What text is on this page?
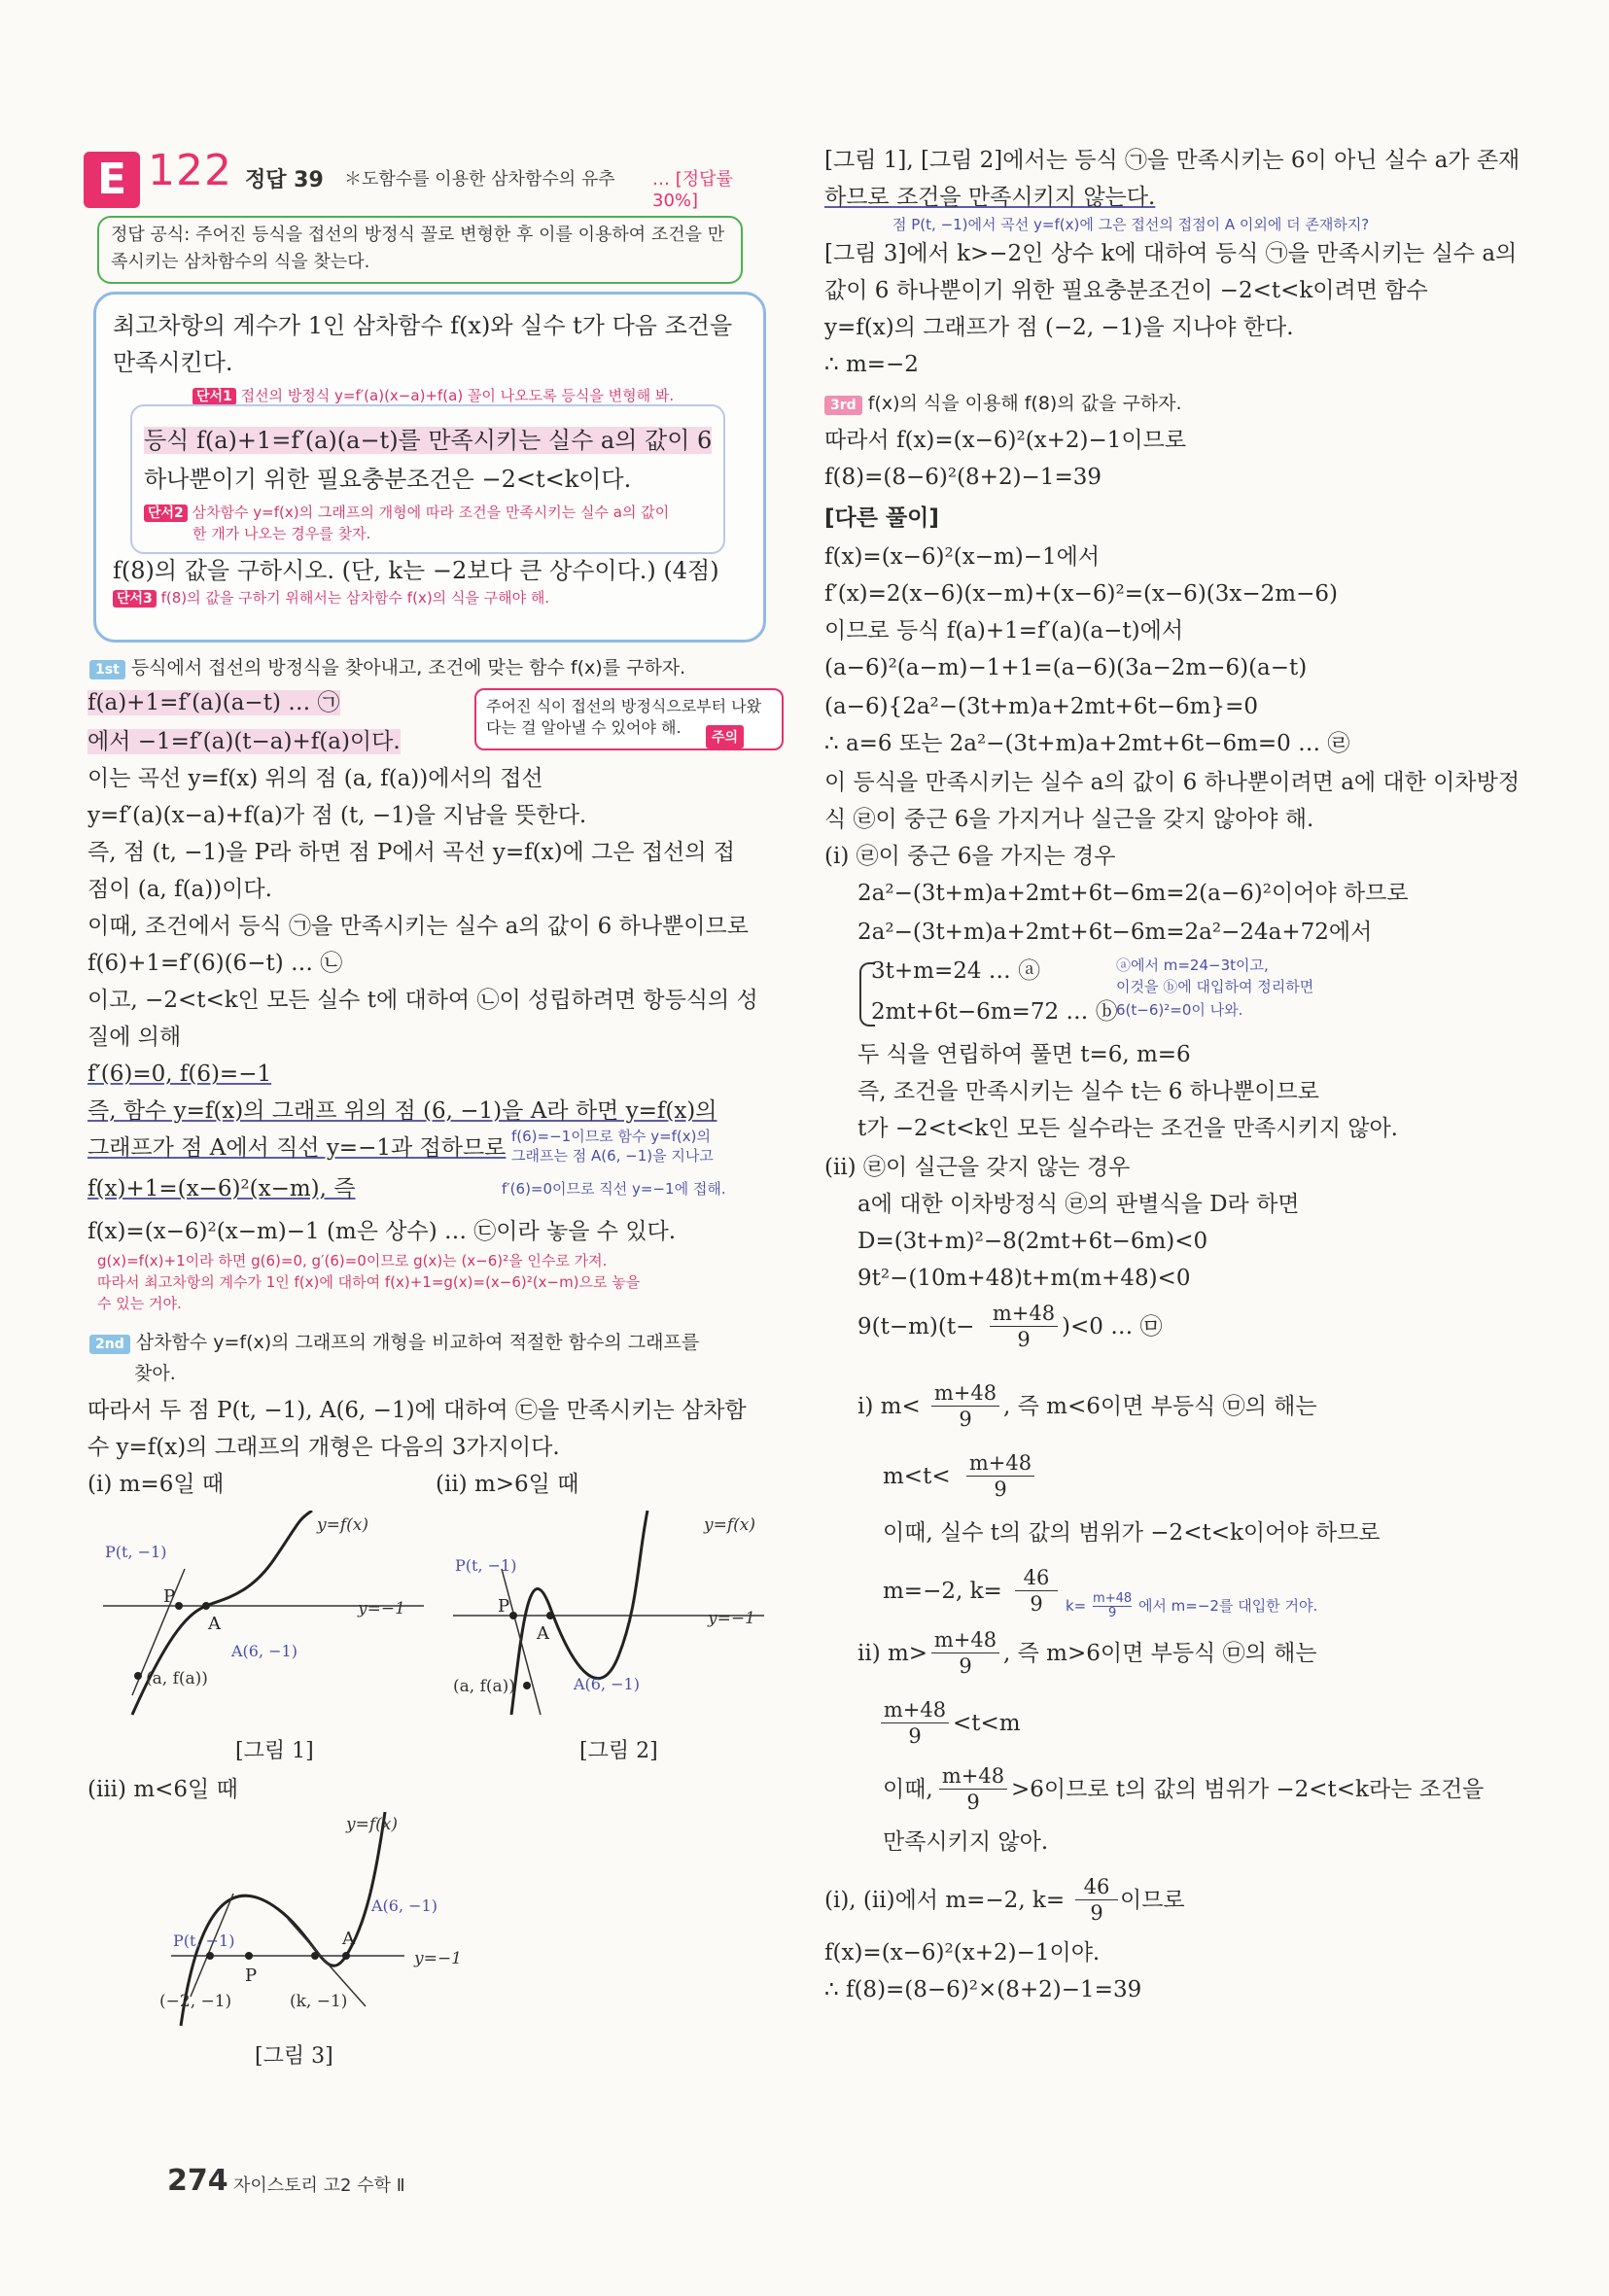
E 122 정답 39 ＊도함수를 이용한 삼차함수의 유추 … [정답률 30%]
정답 공식: 주어진 등식을 접선의 방정식 꼴로 변형한 후 이를 이용하여 조건을 만족시키는 삼차함수의 식을 찾는다.
최고차항의 계수가 1인 삼차함수 f(x)와 실수 t가 다음 조건을
만족시킨다.
단서1 접선의 방정식 y=f′(a)(x−a)+f(a) 꼴이 나오도록 등식을 변형해 봐.
등식 f(a)+1=f′(a)(a−t)를 만족시키는 실수 a의 값이 6
하나뿐이기 위한 필요충분조건은 −2<t<k이다.
단서2 삼차함수 y=f(x)의 그래프의 개형에 따라 조건을 만족시키는 실수 a의 값이
한 개가 나오는 경우를 찾자.
f(8)의 값을 구하시오. (단, k는 −2보다 큰 상수이다.) (4점)
단서3 f(8)의 값을 구하기 위해서는 삼차함수 f(x)의 식을 구해야 해.
1st 등식에서 접선의 방정식을 찾아내고, 조건에 맞는 함수 f(x)를 구하자.
f(a)+1=f′(a)(a−t) … ㉠
에서 −1=f′(a)(t−a)+f(a)이다.
주어진 식이 접선의 방정식으로부터 나왔다는 걸 알아낼 수 있어야 해.
주의
이는 곡선 y=f(x) 위의 점 (a, f(a))에서의 접선
y=f′(a)(x−a)+f(a)가 점 (t, −1)을 지남을 뜻한다.
즉, 점 (t, −1)을 P라 하면 점 P에서 곡선 y=f(x)에 그은 접선의 접
점이 (a, f(a))이다.
이때, 조건에서 등식 ㉠을 만족시키는 실수 a의 값이 6 하나뿐이므로
f(6)+1=f′(6)(6−t) … ㉡
이고, −2<t<k인 모든 실수 t에 대하여 ㉡이 성립하려면 항등식의 성
질에 의해
f′(6)=0, f(6)=−1
즉, 함수 y=f(x)의 그래프 위의 점 (6, −1)을 A라 하면 y=f(x)의
그래프가 점 A에서 직선 y=−1과 접하므로 f(6)=−1이므로 함수 y=f(x)의
그래프는 점 A(6, −1)을 지나고
f′(6)=0이므로 직선 y=−1에 접해.
f(x)+1=(x−6)²(x−m), 즉
f(x)=(x−6)²(x−m)−1 (m은 상수) … ㉢이라 놓을 수 있다.
g(x)=f(x)+1이라 하면 g(6)=0, g′(6)=0이므로 g(x)는 (x−6)²을 인수로 가져.
따라서 최고차항의 계수가 1인 f(x)에 대하여 f(x)+1=g(x)=(x−6)²(x−m)으로 놓을
수 있는 거야.
2nd 삼차함수 y=f(x)의 그래프의 개형을 비교하여 적절한 함수의 그래프를
찾아.
따라서 두 점 P(t, −1), A(6, −1)에 대하여 ㉢을 만족시키는 삼차함
수 y=f(x)의 그래프의 개형은 다음의 3가지이다.
(i) m=6일 때	(ii) m>6일 때
y=f(x)
y=−1
P(t, −1)
P
A
A(6, −1)
(a, f(a))
[그림 1]
y=f(x)
y=−1
P(t, −1)
P
A
A(6, −1)
(a, f(a))
[그림 2]
(iii) m<6일 때
y=f(x)
y=−1
P(t, −1)
P
A
A(6, −1)
(−2, −1)	(k, −1)
[그림 3]
274 자이스토리 고2 수학 Ⅱ
[그림 1], [그림 2]에서는 등식 ㉠을 만족시키는 6이 아닌 실수 a가 존재
하므로 조건을 만족시키지 않는다.
점 P(t, −1)에서 곡선 y=f(x)에 그은 접선의 접점이 A 이외에 더 존재하지?
[그림 3]에서 k>−2인 상수 k에 대하여 등식 ㉠을 만족시키는 실수 a의
값이 6 하나뿐이기 위한 필요충분조건이 −2<t<k이려면 함수
y=f(x)의 그래프가 점 (−2, −1)을 지나야 한다.
∴ m=−2
3rd f(x)의 식을 이용해 f(8)의 값을 구하자.
따라서 f(x)=(x−6)²(x+2)−1이므로
f(8)=(8−6)²(8+2)−1=39
[다른 풀이]
f(x)=(x−6)²(x−m)−1에서
f′(x)=2(x−6)(x−m)+(x−6)²=(x−6)(3x−2m−6)
이므로 등식 f(a)+1=f′(a)(a−t)에서
(a−6)²(a−m)−1+1=(a−6)(3a−2m−6)(a−t)
(a−6){2a²−(3t+m)a+2mt+6t−6m}=0
∴ a=6 또는 2a²−(3t+m)a+2mt+6t−6m=0 … ㉣
이 등식을 만족시키는 실수 a의 값이 6 하나뿐이려면 a에 대한 이차방정
식 ㉣이 중근 6을 가지거나 실근을 갖지 않아야 해.
(i) ㉣이 중근 6을 가지는 경우
2a²−(3t+m)a+2mt+6t−6m=2(a−6)²이어야 하므로
2a²−(3t+m)a+2mt+6t−6m=2a²−24a+72에서
3t+m=24 … ⓐ
2mt+6t−6m=72 … ⓑ
ⓐ에서 m=24−3t이고,
이것을 ⓑ에 대입하여 정리하면
6(t−6)²=0이 나와.
두 식을 연립하여 풀면 t=6, m=6
즉, 조건을 만족시키는 실수 t는 6 하나뿐이므로
t가 −2<t<k인 모든 실수라는 조건을 만족시키지 않아.
(ii) ㉣이 실근을 갖지 않는 경우
a에 대한 이차방정식 ㉣의 판별식을 D라 하면
D=(3t+m)²−8(2mt+6t−6m)<0
9t²−(10m+48)t+m(m+48)<0
$9(t-m)(t- \frac{m+48}{9} )<0$ … ㉤
i) $m< \frac{m+48}{9}$ , 즉 m<6이면 부등식 ㉤의 해는
$m<t< \frac{m+48}{9}$
이때, 실수 t의 값의 범위가 −2<t<k이어야 하므로
m=−2, $k= \frac{46}{9} k= \frac{m+48}{9}$ 에서 m=−2를 대입한 거야.
ii) $m> \frac{m+48}{9}$ , 즉 m>6이면 부등식 ㉤의 해는
$\frac{m+48}{9} <t<m$
이때, $\frac{m+48}{9} >6$이므로 t의 값의 범위가 −2<t<k라는 조건을
만족시키지 않아.
(i), (ii)에서 m=−2, $k= \frac{46}{9}$ 이므로
f(x)=(x−6)²(x+2)−1이야.
∴ f(8)=(8−6)²×(8+2)−1=39
